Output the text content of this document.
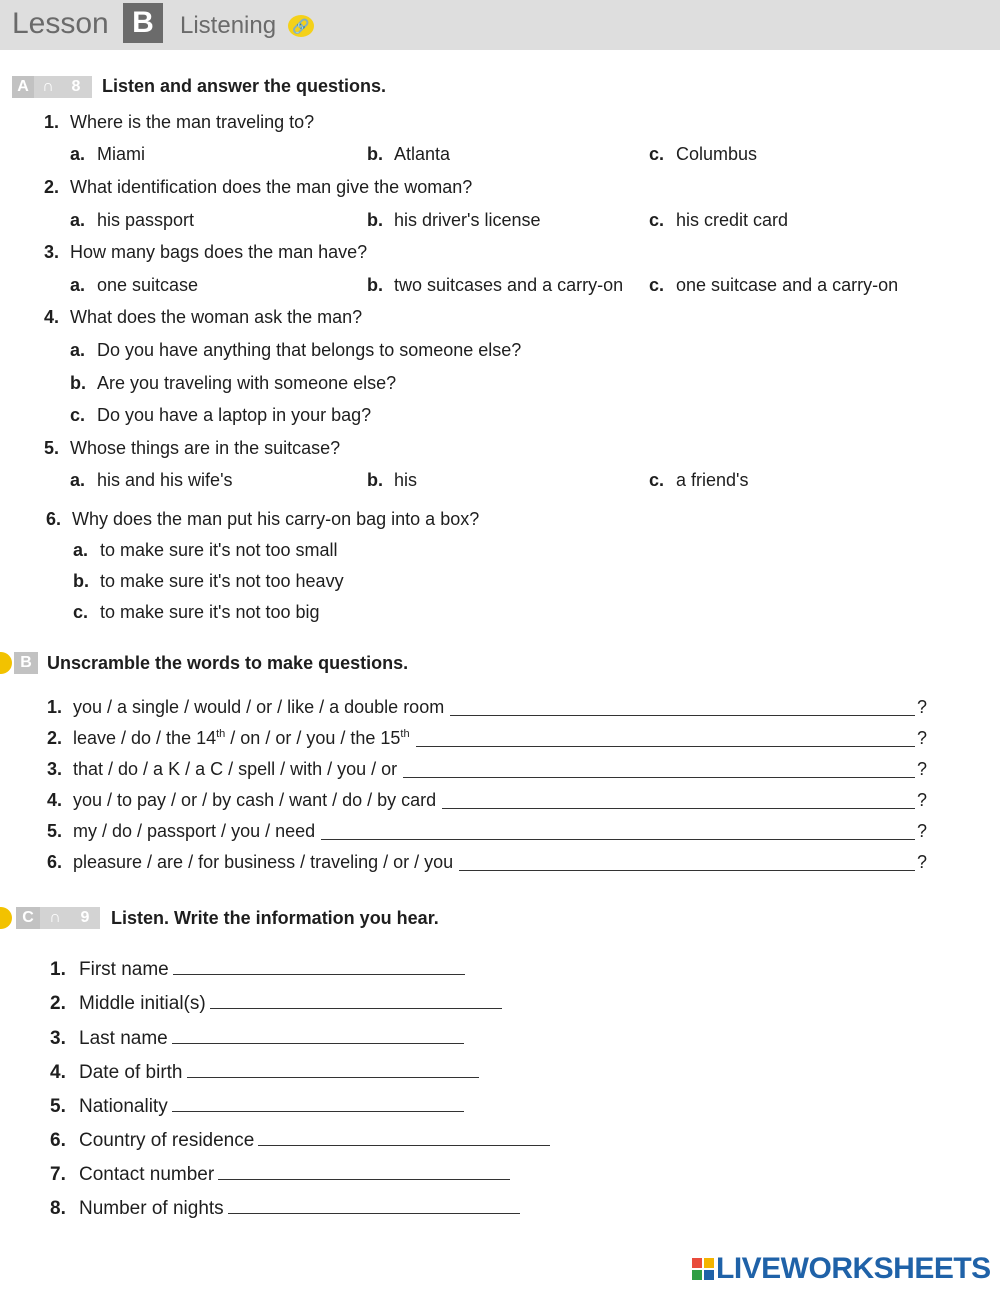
Lesson B	Listening	🔗
A ∩ 8	Listen and answer the questions.
1. Where is the man traveling to?
a. Miami	b. Atlanta	c. Columbus
2. What identification does the man give the woman?
a. his passport	b. his driver's license	c. his credit card
3. How many bags does the man have?
a. one suitcase	b. two suitcases and a carry-on c. one suitcase and a carry-on
4. What does the woman ask the man?
a. Do you have anything that belongs to someone else?
b. Are you traveling with someone else?
c. Do you have a laptop in your bag?
5. Whose things are in the suitcase?
a. his and his wife's	b. his	c. a friend's
6. Why does the man put his carry-on bag into a box?
a. to make sure it's not too small
b. to make sure it's not too heavy
c. to make sure it's not too big
B Unscramble the words to make questions.
1. you / a single / would / or / like / a double room	?
2. leave / do / the 14th / on / or / you / the 15th	?
3. that / do / a K / a C / spell / with / you / or	?
4. you / to pay / or / by cash / want / do / by card	?
5. my / do / passport / you / need	?
6. pleasure / are / for business / traveling / or / you	?
C ∩ 9	Listen. Write the information you hear.
1. First name
2. Middle initial(s)
3. Last name
4. Date of birth
5. Nationality
6. Country of residence
7. Contact number
8. Number of nights
LIVEWORKSHEETS
